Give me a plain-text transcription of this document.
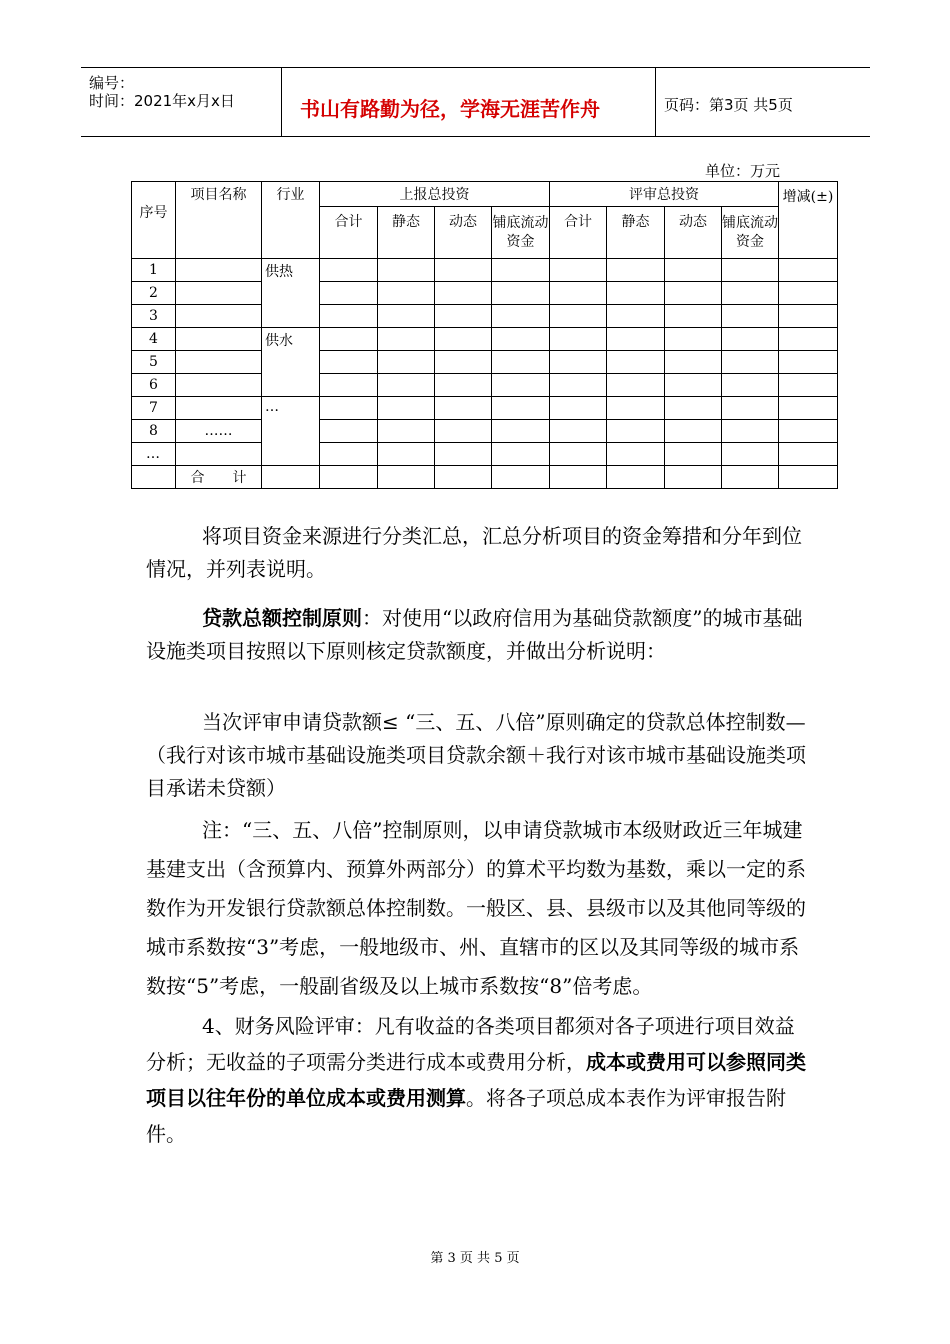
编号：
时间：2021年x月x日	书山有路勤为径，学海无涯苦作舟	页码：第3页 共5页
单位：万元
序号	项目名称	行业	上报总投资				评审总投资				增减(±)
			合计	静态	动态	铺底流动资金	合计	静态	动态	铺底流动资金	
1		供热									
2											
3											
4		供水									
5											
6											
7		…									
8	……										
…											
	合　　计										

将项目资金来源进行分类汇总，汇总分析项目的资金筹措和分年到位情况，并列表说明。

贷款总额控制原则：对使用“以政府信用为基础贷款额度”的城市基础设施类项目按照以下原则核定贷款额度，并做出分析说明：

当次评审申请贷款额≤ “三、五、八倍”原则确定的贷款总体控制数—（我行对该市城市基础设施类项目贷款余额＋我行对该市城市基础设施类项目承诺未贷额）

注：“三、五、八倍”控制原则，以申请贷款城市本级财政近三年城建基建支出（含预算内、预算外两部分）的算术平均数为基数，乘以一定的系数作为开发银行贷款额总体控制数。一般区、县、县级市以及其他同等级的城市系数按“3”考虑，一般地级市、州、直辖市的区以及其同等级的城市系数按“5”考虑，一般副省级及以上城市系数按“8”倍考虑。

4、财务风险评审：凡有收益的各类项目都须对各子项进行项目效益分析；无收益的子项需分类进行成本或费用分析，成本或费用可以参照同类项目以往年份的单位成本或费用测算。将各子项总成本表作为评审报告附件。

第 3 页 共 5 页
